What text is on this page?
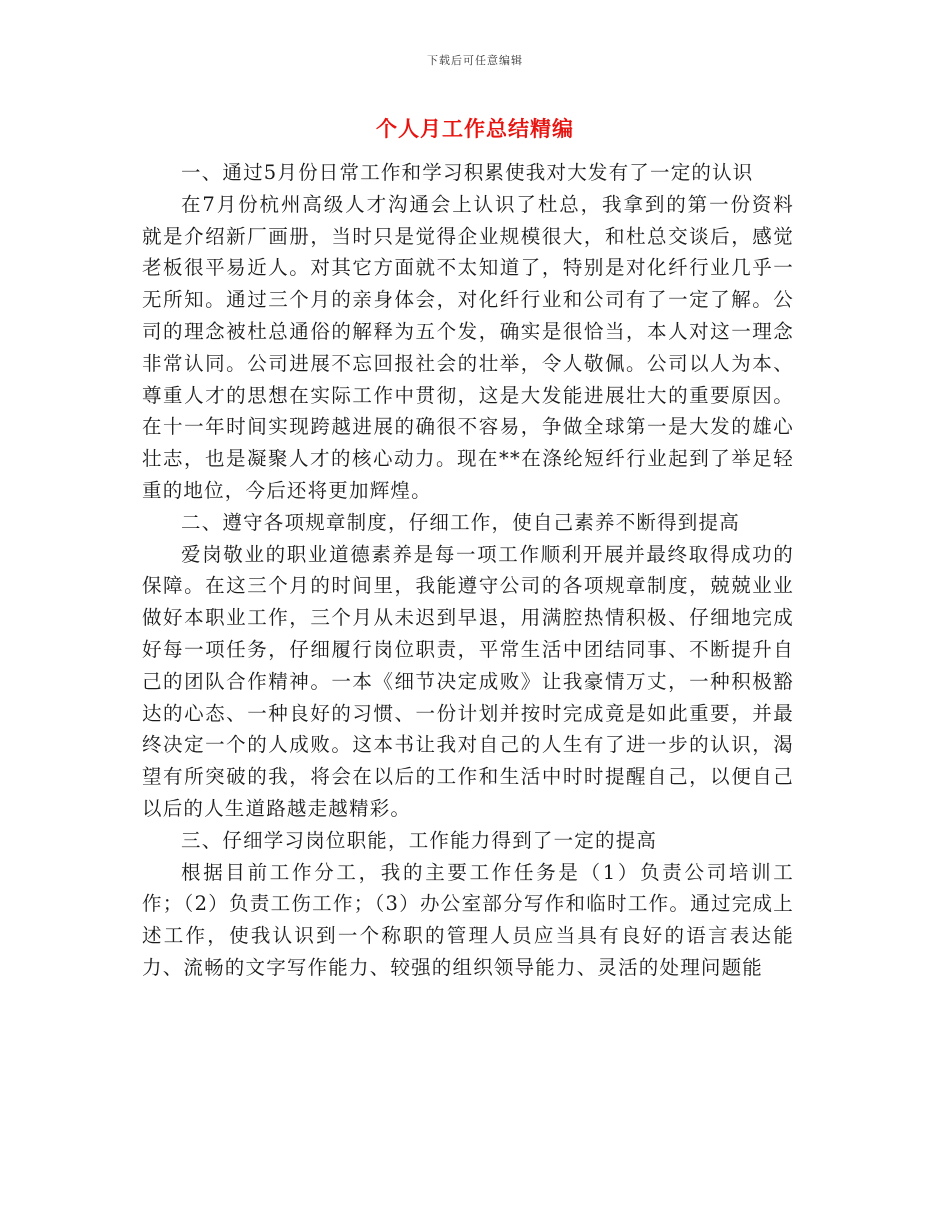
下载后可任意编辑
个人月工作总结精编

一、通过5月份日常工作和学习积累使我对大发有了一定的认识

在7月份杭州高级人才沟通会上认识了杜总，我拿到的第一份资料就是介绍新厂画册，当时只是觉得企业规模很大，和杜总交谈后，感觉老板很平易近人。对其它方面就不太知道了，特别是对化纤行业几乎一无所知。通过三个月的亲身体会，对化纤行业和公司有了一定了解。公司的理念被杜总通俗的解释为五个发，确实是很恰当，本人对这一理念非常认同。公司进展不忘回报社会的壮举，令人敬佩。公司以人为本、尊重人才的思想在实际工作中贯彻，这是大发能进展壮大的重要原因。在十一年时间实现跨越进展的确很不容易，争做全球第一是大发的雄心壮志，也是凝聚人才的核心动力。现在**在涤纶短纤行业起到了举足轻重的地位，今后还将更加辉煌。

二、遵守各项规章制度，仔细工作，使自己素养不断得到提高

爱岗敬业的职业道德素养是每一项工作顺利开展并最终取得成功的保障。在这三个月的时间里，我能遵守公司的各项规章制度，兢兢业业做好本职业工作，三个月从未迟到早退，用满腔热情积极、仔细地完成好每一项任务，仔细履行岗位职责，平常生活中团结同事、不断提升自己的团队合作精神。一本《细节决定成败》让我豪情万丈，一种积极豁达的心态、一种良好的习惯、一份计划并按时完成竟是如此重要，并最终决定一个的人成败。这本书让我对自己的人生有了进一步的认识，渴望有所突破的我，将会在以后的工作和生活中时时提醒自己，以便自己以后的人生道路越走越精彩。

三、仔细学习岗位职能，工作能力得到了一定的提高

根据目前工作分工，我的主要工作任务是（1）负责公司培训工作；（2）负责工伤工作；（3）办公室部分写作和临时工作。通过完成上述工作，使我认识到一个称职的管理人员应当具有良好的语言表达能力、流畅的文字写作能力、较强的组织领导能力、灵活的处理问题能
